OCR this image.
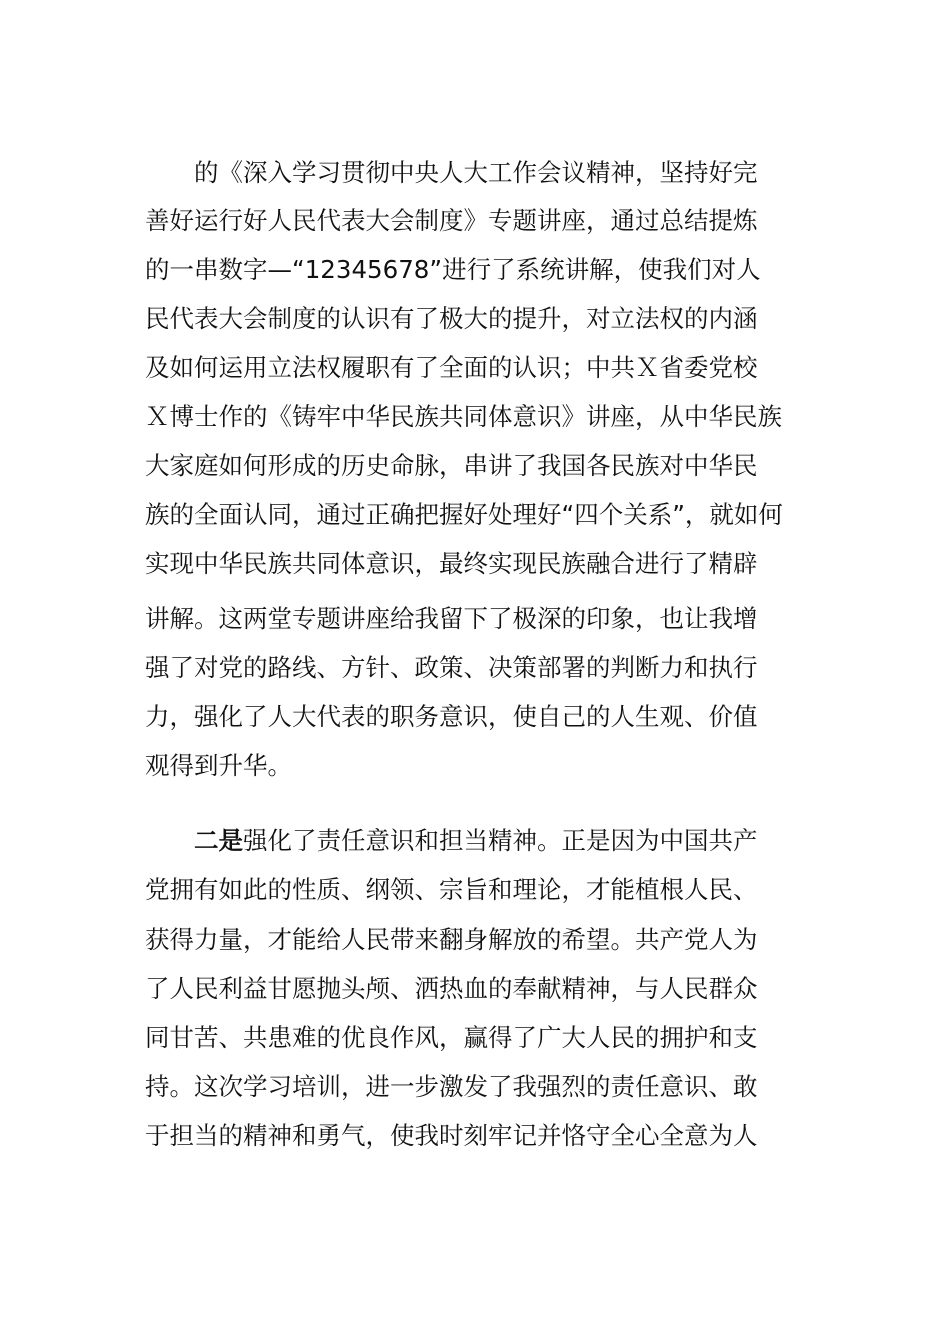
的《深入学习贯彻中央人大工作会议精神，坚持好完
善好运行好人民代表大会制度》专题讲座，通过总结提炼
的一串数字—“12345678”进行了系统讲解，使我们对人
民代表大会制度的认识有了极大的提升，对立法权的内涵
及如何运用立法权履职有了全面的认识；中共Ｘ省委党校
Ｘ博士作的《铸牢中华民族共同体意识》讲座，从中华民族
大家庭如何形成的历史命脉，串讲了我国各民族对中华民
族的全面认同，通过正确把握好处理好“四个关系”，就如何
实现中华民族共同体意识，最终实现民族融合进行了精辟
讲解。这两堂专题讲座给我留下了极深的印象，也让我增
强了对党的路线、方针、政策、决策部署的判断力和执行
力，强化了人大代表的职务意识，使自己的人生观、价值
观得到升华。
二是强化了责任意识和担当精神。正是因为中国共产
党拥有如此的性质、纲领、宗旨和理论，才能植根人民、
获得力量，才能给人民带来翻身解放的希望。共产党人为
了人民利益甘愿抛头颅、洒热血的奉献精神，与人民群众
同甘苦、共患难的优良作风，赢得了广大人民的拥护和支
持。这次学习培训，进一步激发了我强烈的责任意识、敢
于担当的精神和勇气，使我时刻牢记并恪守全心全意为人
